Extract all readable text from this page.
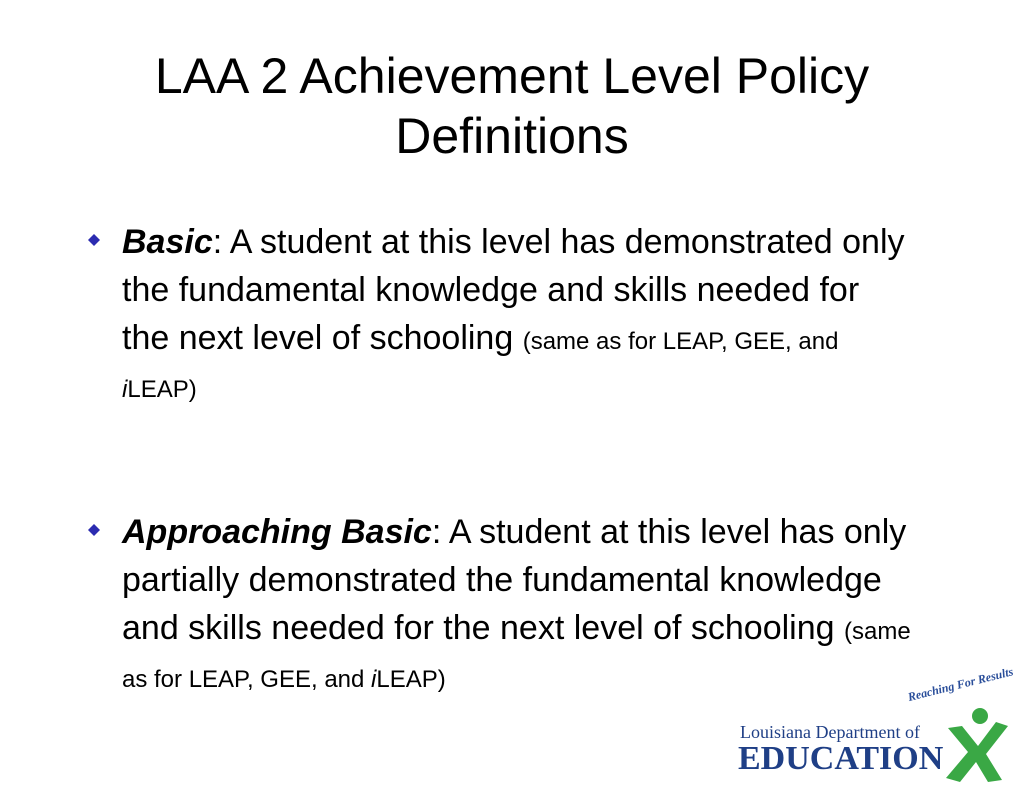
LAA 2 Achievement Level Policy Definitions
Basic: A student at this level has demonstrated only the fundamental knowledge and skills needed for the next level of schooling (same as for LEAP, GEE, and iLEAP)
Approaching Basic: A student at this level has only partially demonstrated the fundamental knowledge and skills needed for the next level of schooling (same as for LEAP, GEE, and iLEAP)	Reaching For Results
Louisiana Department of
EDUCATION
